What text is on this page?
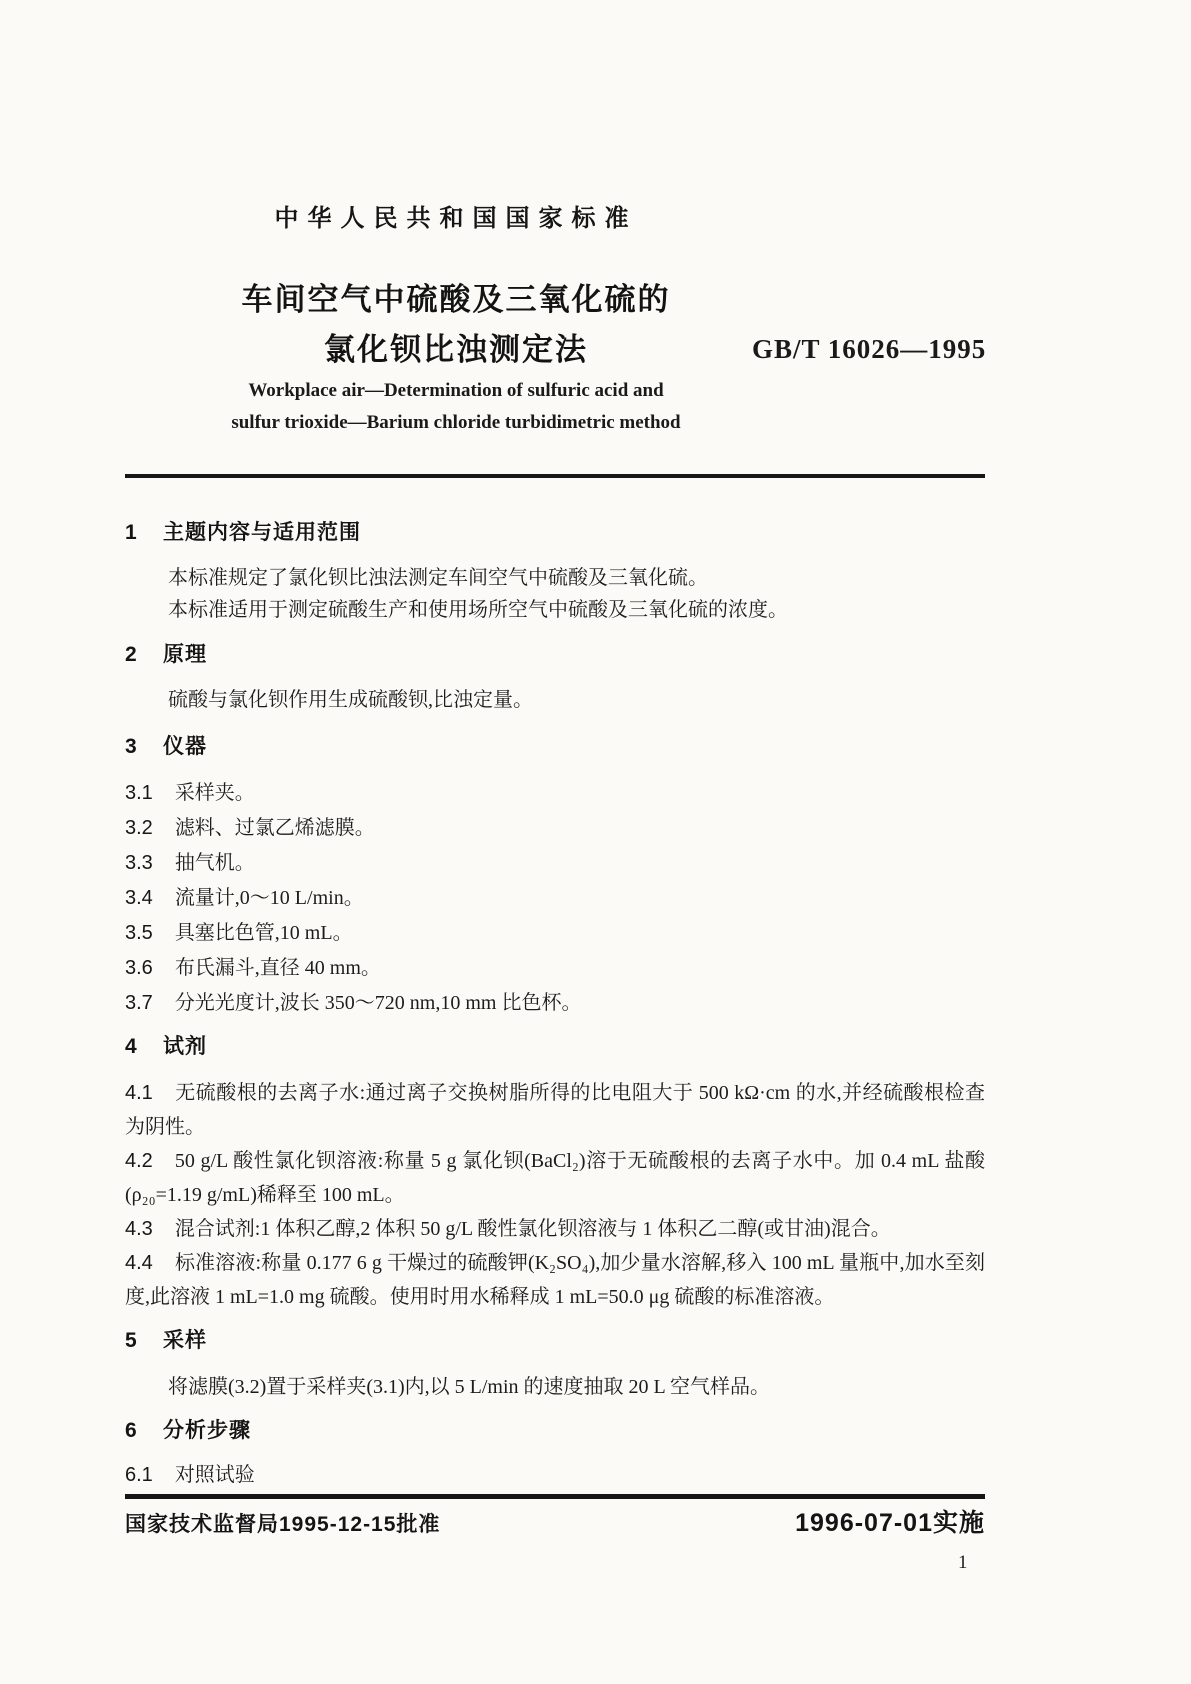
中华人民共和国国家标准
车间空气中硫酸及三氧化硫的
氯化钡比浊测定法	GB/T 16026—1995
Workplace air—Determination of sulfuric acid and
sulfur trioxide—Barium chloride turbidimetric method
1 主题内容与适用范围

本标准规定了氯化钡比浊法测定车间空气中硫酸及三氧化硫。

本标准适用于测定硫酸生产和使用场所空气中硫酸及三氧化硫的浓度。

2 原理

硫酸与氯化钡作用生成硫酸钡,比浊定量。

3 仪器

3.1 采样夹。

3.2 滤料、过氯乙烯滤膜。

3.3 抽气机。

3.4 流量计,0～10 L/min。

3.5 具塞比色管,10 mL。

3.6 布氏漏斗,直径 40 mm。

3.7 分光光度计,波长 350～720 nm,10 mm 比色杯。

4 试剂

4.1 无硫酸根的去离子水:通过离子交换树脂所得的比电阻大于 500 kΩ·cm 的水,并经硫酸根检查为阴性。

4.2 50 g/L 酸性氯化钡溶液:称量 5 g 氯化钡(BaCl₂)溶于无硫酸根的去离子水中。加 0.4 mL 盐酸(ρ₂₀=1.19 g/mL)稀释至 100 mL。

4.3 混合试剂:1 体积乙醇,2 体积 50 g/L 酸性氯化钡溶液与 1 体积乙二醇(或甘油)混合。

4.4 标准溶液:称量 0.177 6 g 干燥过的硫酸钾(K₂SO₄),加少量水溶解,移入 100 mL 量瓶中,加水至刻度,此溶液 1 mL=1.0 mg 硫酸。使用时用水稀释成 1 mL=50.0 μg 硫酸的标准溶液。

5 采样

将滤膜(3.2)置于采样夹(3.1)内,以 5 L/min 的速度抽取 20 L 空气样品。

6 分析步骤

6.1 对照试验

国家技术监督局1995-12-15批准	1996-07-01实施
1
